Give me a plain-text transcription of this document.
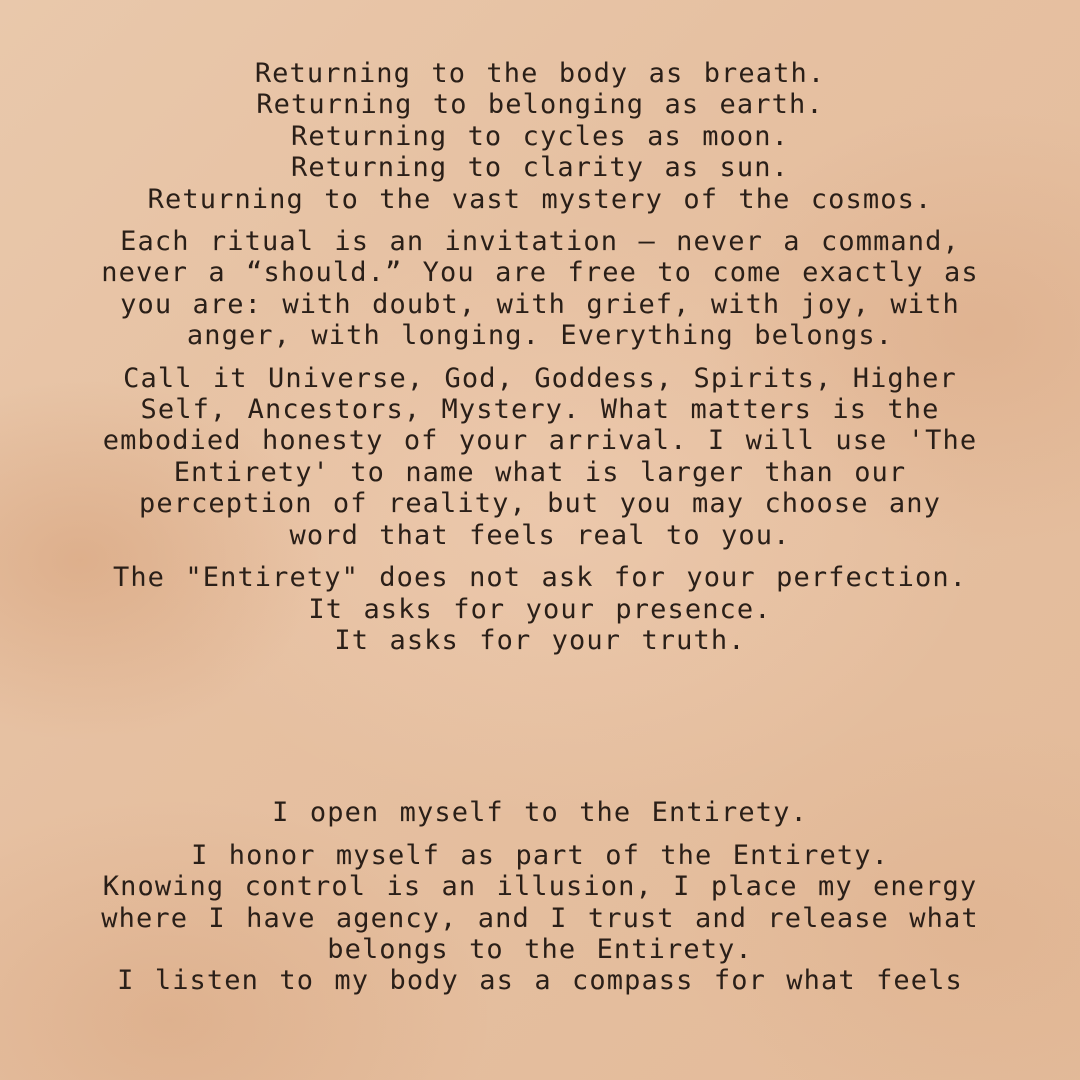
Returning to the body as breath.
Returning to belonging as earth.
Returning to cycles as moon.
Returning to clarity as sun.
Returning to the vast mystery of the cosmos.
Each ritual is an invitation — never a command,
never a “should.” You are free to come exactly as
you are: with doubt, with grief, with joy, with
anger, with longing. Everything belongs.
Call it Universe, God, Goddess, Spirits, Higher
Self, Ancestors, Mystery. What matters is the
embodied honesty of your arrival. I will use 'The
Entirety' to name what is larger than our
perception of reality, but you may choose any
word that feels real to you.
The "Entirety" does not ask for your perfection.
It asks for your presence.
It asks for your truth.
I open myself to the Entirety.
I honor myself as part of the Entirety.
Knowing control is an illusion, I place my energy
where I have agency, and I trust and release what
belongs to the Entirety.
I listen to my body as a compass for what feels
